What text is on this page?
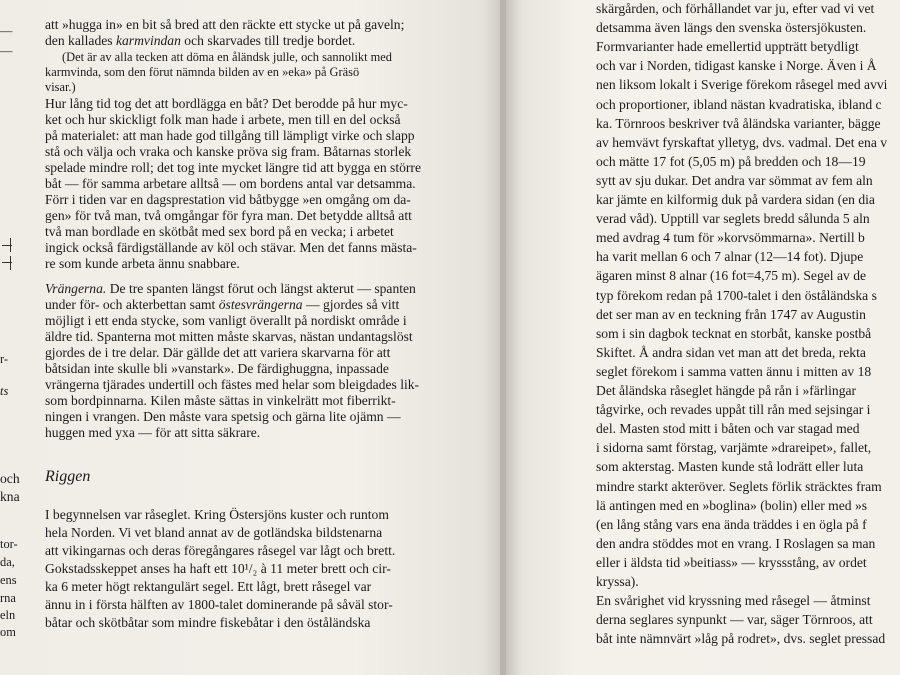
—
—
r-
ts
och
kna
tor-
da,
ens
rna
eln
om
att »hugga in» en bit så bred att den räckte ett stycke ut på gaveln;
den kallades karmvindan och skarvades till tredje bordet.
(Det är av alla tecken att döma en åländsk julle, och sannolikt med
karmvinda, som den förut nämnda bilden av en »eka» på Gräsö
visar.)
Hur lång tid tog det att bordlägga en båt? Det berodde på hur myc-
ket och hur skickligt folk man hade i arbete, men till en del också
på materialet: att man hade god tillgång till lämpligt virke och slapp
stå och välja och vraka och kanske pröva sig fram. Båtarnas storlek
spelade mindre roll; det tog inte mycket längre tid att bygga en större
båt — för samma arbetare alltså — om bordens antal var detsamma.
Förr i tiden var en dagsprestation vid båtbygge »en omgång om da-
gen» för två man, två omgångar för fyra man. Det betydde alltså att
två man bordlade en skötbåt med sex bord på en vecka; i arbetet
ingick också färdigställande av köl och stävar. Men det fanns mästa-
re som kunde arbeta ännu snabbare.
Vrängerna. De tre spanten längst förut och längst akterut — spanten
under för- och akterbettan samt östesvrängerna — gjordes så vitt
möjligt i ett enda stycke, som vanligt överallt på nordiskt område i
äldre tid. Spanterna mot mitten måste skarvas, nästan undantagslöst
gjordes de i tre delar. Där gällde det att variera skarvarna för att
båtsidan inte skulle bli »vanstark». De färdighuggna, inpassade
vrängerna tjärades undertill och fästes med helar som bleigdades lik-
som bordpinnarna. Kilen måste sättas in vinkelrätt mot fiberrikt-
ningen i vrangen. Den måste vara spetsig och gärna lite ojämn —
huggen med yxa — för att sitta säkrare.
Riggen
I begynnelsen var råseglet. Kring Östersjöns kuster och runtom
hela Norden. Vi vet bland annat av de gotländska bildstenarna
att vikingarnas och deras föregångares råsegel var lågt och brett.
Gokstadsskeppet anses ha haft ett 10¹/₂ à 11 meter brett och cir-
ka 6 meter högt rektangulärt segel. Ett lågt, brett råsegel var
ännu in i första hälften av 1800-talet dominerande på såväl stor-
båtar och skötbåtar som mindre fiskebåtar i den öståländska
skärgården, och förhållandet var ju, efter vad vi vet
detsamma även längs den svenska östersjökusten.
Formvarianter hade emellertid uppträtt betydligt
och var i Norden, tidigast kanske i Norge. Även i Å
nen liksom lokalt i Sverige förekom råsegel med avvi
och proportioner, ibland nästan kvadratiska, ibland c
ka. Törnroos beskriver två åländska varianter, bägge
av hemvävt fyrskaftat ylletyg, dvs. vadmal. Det ena v
och mätte 17 fot (5,05 m) på bredden och 18—19
sytt av sju dukar. Det andra var sömmat av fem aln
kar jämte en kilformig duk på vardera sidan (en dia
verad våd). Upptill var seglets bredd sålunda 5 aln
med avdrag 4 tum för »korvsömmarna». Nertill b
ha varit mellan 6 och 7 alnar (12—14 fot). Djupe
ägaren minst 8 alnar (16 fot=4,75 m). Segel av de
typ förekom redan på 1700-talet i den öståländska s
det ser man av en teckning från 1747 av Augustin
som i sin dagbok tecknat en storbåt, kanske postbå
Skiftet. Å andra sidan vet man att det breda, rekta
seglet förekom i samma vatten ännu i mitten av 18
Det åländska råseglet hängde på rån i »färlingar
tågvirke, och revades uppåt till rån med sejsingar i
del. Masten stod mitt i båten och var stagad med
i sidorna samt förstag, varjämte »drareipet», fallet,
som akterstag. Masten kunde stå lodrätt eller luta
mindre starkt akteröver. Seglets förlik sträcktes fram
lä antingen med en »boglina» (bolin) eller med »s
(en lång stång vars ena ända träddes i en ögla på f
den andra stöddes mot en vrang. I Roslagen sa man
eller i äldsta tid »beitiass» — kryssstång, av ordet
kryssa).
En svårighet vid kryssning med råsegel — åtminst
derna seglares synpunkt — var, säger Törnroos, att
båt inte nämnvärt »låg på rodret», dvs. seglet pressad
